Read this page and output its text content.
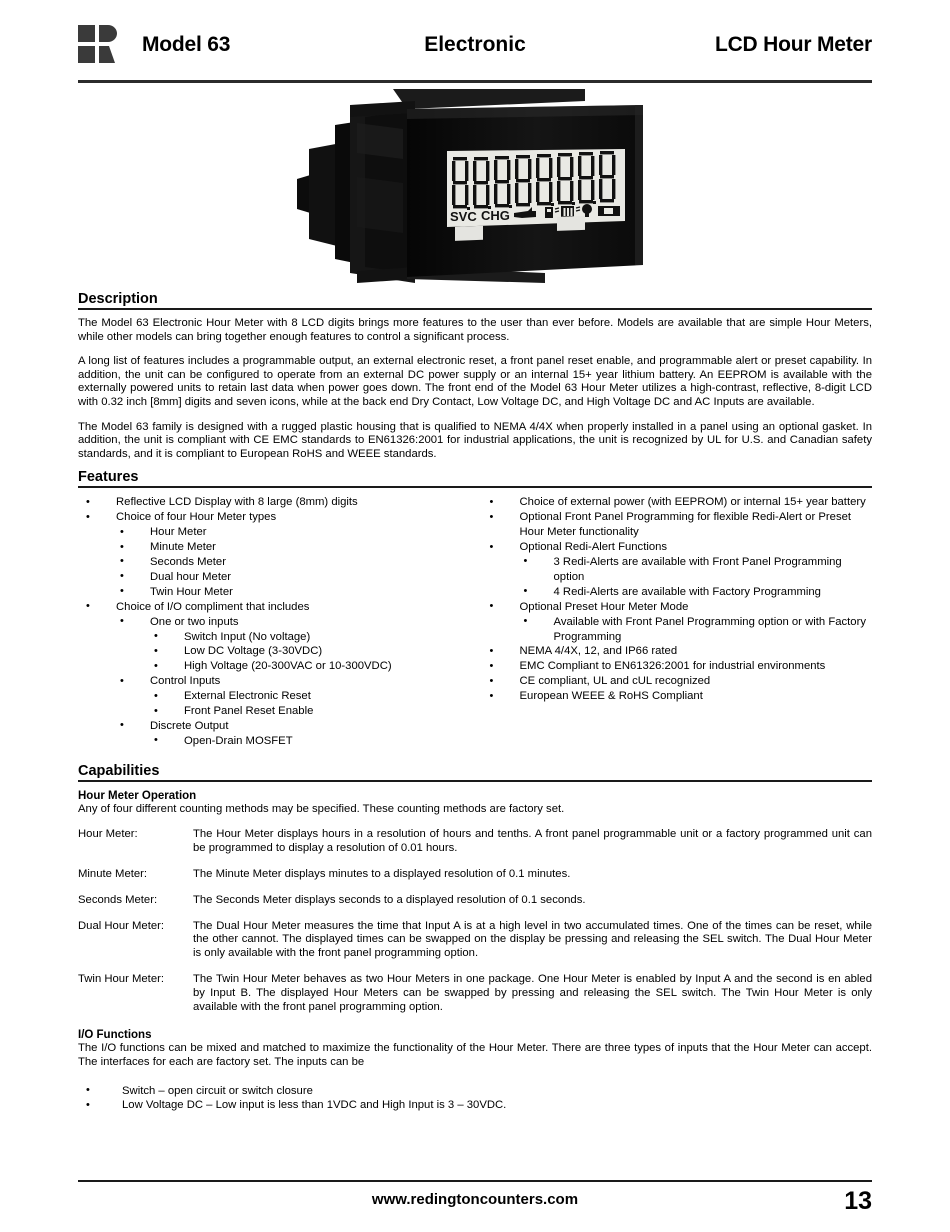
Model 63	Electronic	LCD Hour Meter
SVC CHG
Description

The Model 63 Electronic Hour Meter with 8 LCD digits brings more features to the user than ever before. Models are available that are simple Hour Meters, while other models can bring together enough features to control a significant process.

A long list of features includes a programmable output, an external electronic reset, a front panel reset enable, and programmable alert or preset capability. In addition, the unit can be configured to operate from an external DC power supply or an internal 15+ year lithium battery. An EEPROM is available with the externally powered units to retain last data when power goes down. The front end of the Model 63 Hour Meter utilizes a high-contrast, reflective, 8-digit LCD with 0.32 inch [8mm] digits and seven icons, while at the back end Dry Contact, Low Voltage DC, and High Voltage DC and AC Inputs are available.

The Model 63 family is designed with a rugged plastic housing that is qualified to NEMA 4/4X when properly installed in a panel using an optional gasket. In addition, the unit is compliant with CE EMC standards to EN61326:2001 for industrial applications, the unit is recognized by UL for U.S. and Canadian safety standards, and it is compliant to European RoHS and WEEE standards.

Features
• Reflective LCD Display with 8 large (8mm) digits
• Choice of four Hour Meter types
• Hour Meter
• Minute Meter
• Seconds Meter
• Dual hour Meter
• Twin Hour Meter
• Choice of I/O compliment that includes
• One or two inputs
• Switch Input (No voltage)
• Low DC Voltage (3-30VDC)
• High Voltage (20-300VAC or 10-300VDC)
• Control Inputs
• External Electronic Reset
• Front Panel Reset Enable
• Discrete Output
• Open-Drain MOSFET
• Choice of external power (with EEPROM) or internal 15+ year battery
• Optional Front Panel Programming for flexible Redi-Alert or Preset
Hour Meter functionality
• Optional Redi-Alert Functions
• 3 Redi-Alerts are available with Front Panel Programming option
• 4 Redi-Alerts are available with Factory Programming
• Optional Preset Hour Meter Mode
• Available with Front Panel Programming option or with Factory
Programming
• NEMA 4/4X, 12, and IP66 rated
• EMC Compliant to EN61326:2001 for industrial environments
• CE compliant, UL and cUL recognized
• European WEEE & RoHS Compliant
Capabilities
Hour Meter Operation

Any of four different counting methods may be specified. These counting methods are factory set.

Hour Meter:	The Hour Meter displays hours in a resolution of hours and tenths. A front panel programmable unit or a factory programmed unit can be programmed to display a resolution of 0.01 hours.
Minute Meter:	The Minute Meter displays minutes to a displayed resolution of 0.1 minutes.
Seconds Meter:	The Seconds Meter displays seconds to a displayed resolution of 0.1 seconds.
Dual Hour Meter:	The Dual Hour Meter measures the time that Input A is at a high level in two accumulated times. One of the times can be reset, while the other cannot. The displayed times can be swapped on the display be pressing and releasing the SEL switch. The Dual Hour Meter is only available with the front panel programming option.
Twin Hour Meter:	The Twin Hour Meter behaves as two Hour Meters in one package. One Hour Meter is enabled by Input A and the second is en abled by Input B. The displayed Hour Meters can be swapped by pressing and releasing the SEL switch. The Twin Hour Meter is only available with the front panel programming option.
I/O Functions

The I/O functions can be mixed and matched to maximize the functionality of the Hour Meter. There are three types of inputs that the Hour Meter can accept. The interfaces for each are factory set. The inputs can be

• Switch – open circuit or switch closure
• Low Voltage DC – Low input is less than 1VDC and High Input is 3 – 30VDC.
www.redingtoncounters.com	13
